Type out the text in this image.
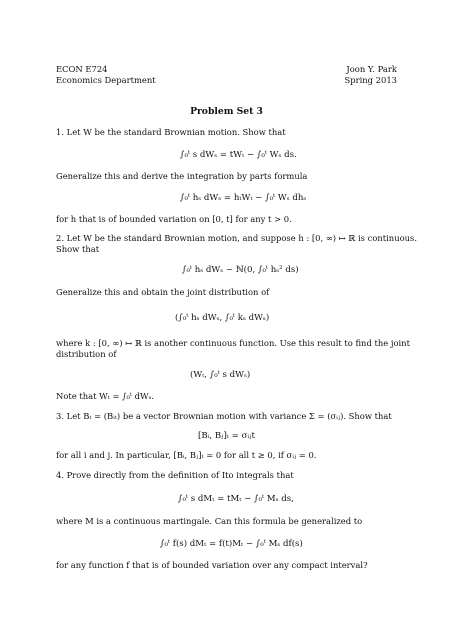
ECON E724
Economics Department
Joon Y. Park
Spring 2013
Problem Set 3
1. Let W be the standard Brownian motion. Show that
∫₀ᵗ s dWₛ = tWₜ − ∫₀ᵗ Wₛ ds.
Generalize this and derive the integration by parts formula
∫₀ᵗ hₛ dWₛ = hₜWₜ − ∫₀ᵗ Wₛ dhₛ
for h that is of bounded variation on [0, t] for any t > 0.
2. Let W be the standard Brownian motion, and suppose h : [0, ∞) ↦ ℝ is continuous.
Show that
∫₀ᵗ hₛ dWₛ ~ ℕ(0, ∫₀ᵗ hₛ² ds)
Generalize this and obtain the joint distribution of
(∫₀ᵗ hₛ dWₛ, ∫₀ᵗ kₛ dWₛ)
where k : [0, ∞) ↦ ℝ is another continuous function. Use this result to find the joint
distribution of
(Wₜ, ∫₀ᵗ s dWₛ)
Note that Wₜ = ∫₀ᵗ dWₛ.
3. Let Bₜ = (Bᵢₜ) be a vector Brownian motion with variance Σ = (σᵢⱼ). Show that
[Bᵢ, Bⱼ]ₜ = σᵢⱼt
for all i and j. In particular, [Bᵢ, Bⱼ]ₜ = 0 for all t ≥ 0, if σᵢⱼ = 0.
4. Prove directly from the definition of Ito integrals that
∫₀ᵗ s dMₜ = tMₜ − ∫₀ᵗ Mₛ ds,
where M is a continuous martingale. Can this formula be generalized to
∫₀ᵗ f(s) dMₜ = f(t)Mₜ − ∫₀ᵗ Mₛ df(s)
for any function f that is of bounded variation over any compact interval?
